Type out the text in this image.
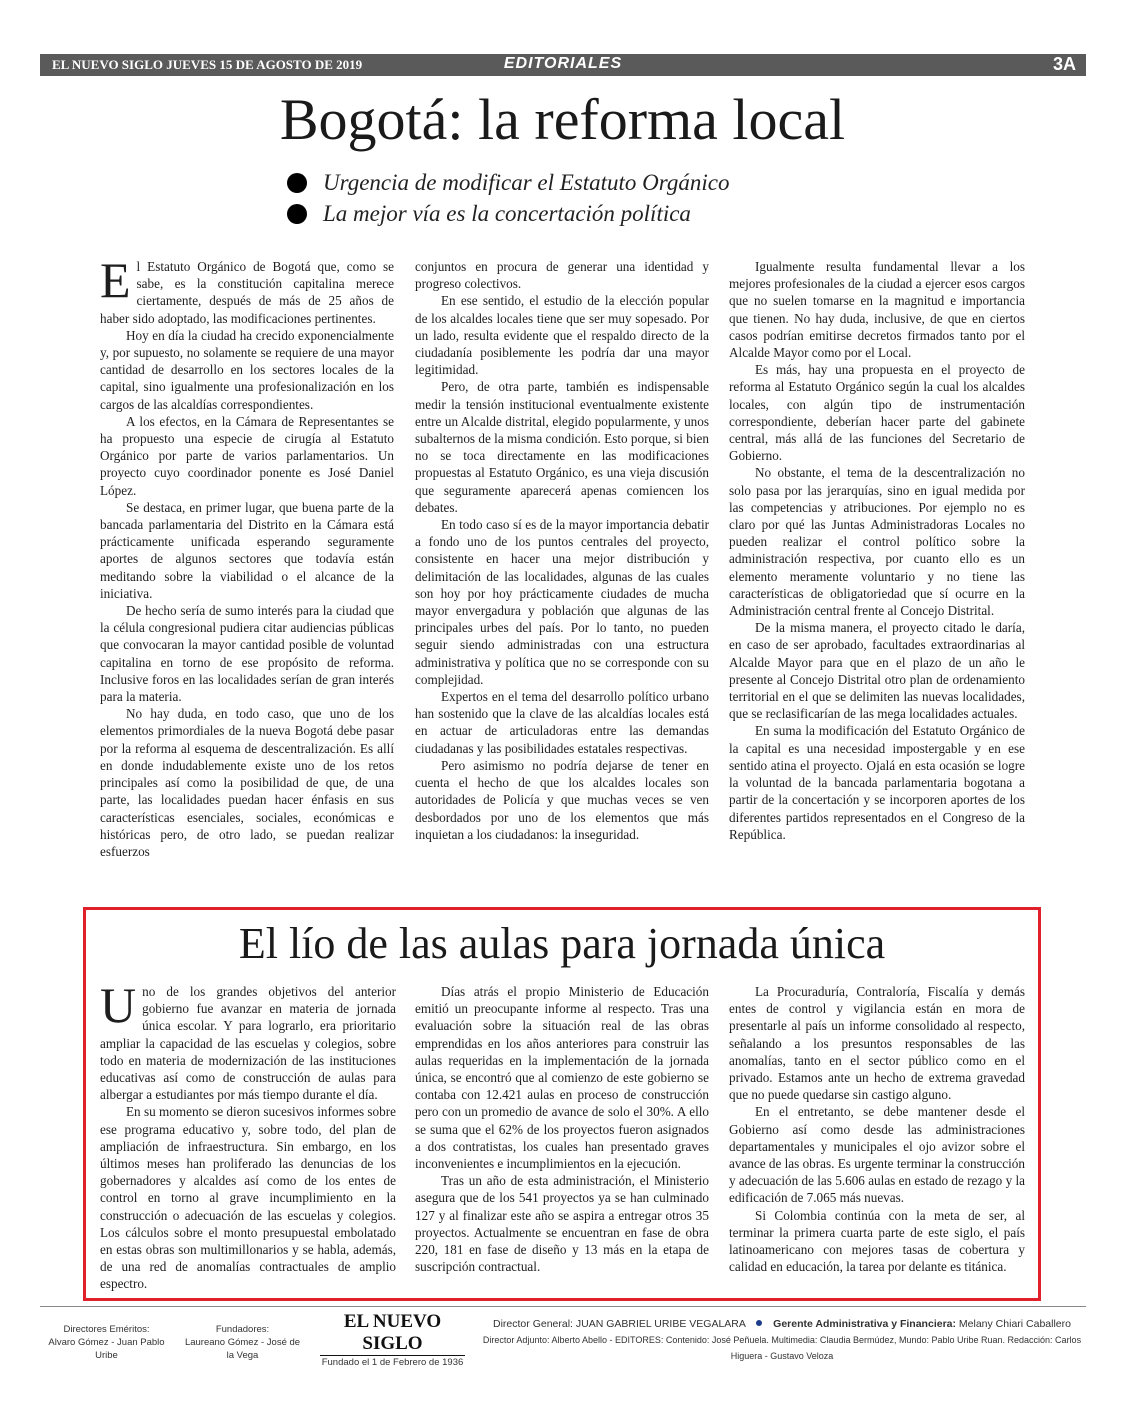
EL NUEVO SIGLO JUEVES 15 DE AGOSTO DE 2019	EDITORIALES	3A
Bogotá: la reforma local
Urgencia de modificar el Estatuto Orgánico
La mejor vía es la concertación política

El Estatuto Orgánico de Bogotá que, como se sabe, es la constitución capitalina merece ciertamente, después de más de 25 años de haber sido adoptado, las modificaciones pertinentes.

Hoy en día la ciudad ha crecido exponencialmente y, por supuesto, no solamente se requiere de una mayor cantidad de desarrollo en los sectores locales de la capital, sino igualmente una profesionalización en los cargos de las alcaldías correspondientes.

A los efectos, en la Cámara de Representantes se ha propuesto una especie de cirugía al Estatuto Orgánico por parte de varios parlamentarios. Un proyecto cuyo coordinador ponente es José Daniel López.

Se destaca, en primer lugar, que buena parte de la bancada parlamentaria del Distrito en la Cámara está prácticamente unificada esperando seguramente aportes de algunos sectores que todavía están meditando sobre la viabilidad o el alcance de la iniciativa.

De hecho sería de sumo interés para la ciudad que la célula congresional pudiera citar audiencias públicas que convocaran la mayor cantidad posible de voluntad capitalina en torno de ese propósito de reforma. Inclusive foros en las localidades serían de gran interés para la materia.

No hay duda, en todo caso, que uno de los elementos primordiales de la nueva Bogotá debe pasar por la reforma al esquema de descentralización. Es allí en donde indudablemente existe uno de los retos principales así como la posibilidad de que, de una parte, las localidades puedan hacer énfasis en sus características esenciales, sociales, económicas e históricas pero, de otro lado, se puedan realizar esfuerzos

conjuntos en procura de generar una identidad y progreso colectivos.

En ese sentido, el estudio de la elección popular de los alcaldes locales tiene que ser muy sopesado. Por un lado, resulta evidente que el respaldo directo de la ciudadanía posiblemente les podría dar una mayor legitimidad.

Pero, de otra parte, también es indispensable medir la tensión institucional eventualmente existente entre un Alcalde distrital, elegido popularmente, y unos subalternos de la misma condición. Esto porque, si bien no se toca directamente en las modificaciones propuestas al Estatuto Orgánico, es una vieja discusión que seguramente aparecerá apenas comiencen los debates.

En todo caso sí es de la mayor importancia debatir a fondo uno de los puntos centrales del proyecto, consistente en hacer una mejor distribución y delimitación de las localidades, algunas de las cuales son hoy por hoy prácticamente ciudades de mucha mayor envergadura y población que algunas de las principales urbes del país. Por lo tanto, no pueden seguir siendo administradas con una estructura administrativa y política que no se corresponde con su complejidad.

Expertos en el tema del desarrollo político urbano han sostenido que la clave de las alcaldías locales está en actuar de articuladoras entre las demandas ciudadanas y las posibilidades estatales respectivas.

Pero asimismo no podría dejarse de tener en cuenta el hecho de que los alcaldes locales son autoridades de Policía y que muchas veces se ven desbordados por uno de los elementos que más inquietan a los ciudadanos: la inseguridad.

Igualmente resulta fundamental llevar a los mejores profesionales de la ciudad a ejercer esos cargos que no suelen tomarse en la magnitud e importancia que tienen. No hay duda, inclusive, de que en ciertos casos podrían emitirse decretos firmados tanto por el Alcalde Mayor como por el Local.

Es más, hay una propuesta en el proyecto de reforma al Estatuto Orgánico según la cual los alcaldes locales, con algún tipo de instrumentación correspondiente, deberían hacer parte del gabinete central, más allá de las funciones del Secretario de Gobierno.

No obstante, el tema de la descentralización no solo pasa por las jerarquías, sino en igual medida por las competencias y atribuciones. Por ejemplo no es claro por qué las Juntas Administradoras Locales no pueden realizar el control político sobre la administración respectiva, por cuanto ello es un elemento meramente voluntario y no tiene las características de obligatoriedad que sí ocurre en la Administración central frente al Concejo Distrital.

De la misma manera, el proyecto citado le daría, en caso de ser aprobado, facultades extraordinarias al Alcalde Mayor para que en el plazo de un año le presente al Concejo Distrital otro plan de ordenamiento territorial en el que se delimiten las nuevas localidades, que se reclasificarían de las mega localidades actuales.

En suma la modificación del Estatuto Orgánico de la capital es una necesidad impostergable y en ese sentido atina el proyecto. Ojalá en esta ocasión se logre la voluntad de la bancada parlamentaria bogotana a partir de la concertación y se incorporen aportes de los diferentes partidos representados en el Congreso de la República.

El lío de las aulas para jornada única

Uno de los grandes objetivos del anterior gobierno fue avanzar en materia de jornada única escolar. Y para lograrlo, era prioritario ampliar la capacidad de las escuelas y colegios, sobre todo en materia de modernización de las instituciones educativas así como de construcción de aulas para albergar a estudiantes por más tiempo durante el día.

En su momento se dieron sucesivos informes sobre ese programa educativo y, sobre todo, del plan de ampliación de infraestructura. Sin embargo, en los últimos meses han proliferado las denuncias de los gobernadores y alcaldes así como de los entes de control en torno al grave incumplimiento en la construcción o adecuación de las escuelas y colegios. Los cálculos sobre el monto presupuestal embolatado en estas obras son multimillonarios y se habla, además, de una red de anomalías contractuales de amplio espectro.

Días atrás el propio Ministerio de Educación emitió un preocupante informe al respecto. Tras una evaluación sobre la situación real de las obras emprendidas en los años anteriores para construir las aulas requeridas en la implementación de la jornada única, se encontró que al comienzo de este gobierno se contaba con 12.421 aulas en proceso de construcción pero con un promedio de avance de solo el 30%. A ello se suma que el 62% de los proyectos fueron asignados a dos contratistas, los cuales han presentado graves inconvenientes e incumplimientos en la ejecución.

Tras un año de esta administración, el Ministerio asegura que de los 541 proyectos ya se han culminado 127 y al finalizar este año se aspira a entregar otros 35 proyectos. Actualmente se encuentran en fase de obra 220, 181 en fase de diseño y 13 más en la etapa de suscripción contractual.

La Procuraduría, Contraloría, Fiscalía y demás entes de control y vigilancia están en mora de presentarle al país un informe consolidado al respecto, señalando a los presuntos responsables de las anomalías, tanto en el sector público como en el privado. Estamos ante un hecho de extrema gravedad que no puede quedarse sin castigo alguno.

En el entretanto, se debe mantener desde el Gobierno así como desde las administraciones departamentales y municipales el ojo avizor sobre el avance de las obras. Es urgente terminar la construcción y adecuación de las 5.606 aulas en estado de rezago y la edificación de 7.065 más nuevas.

Si Colombia continúa con la meta de ser, al terminar la primera cuarta parte de este siglo, el país latinoamericano con mejores tasas de cobertura y calidad en educación, la tarea por delante es titánica.

Directores Eméritos:
Alvaro Gómez - Juan Pablo Uribe
Fundadores:
Laureano Gómez - José de la Vega
EL NUEVO SIGLO
Fundado el 1 de Febrero de 1936
Director General: JUAN GABRIEL URIBE VEGALARA	Gerente Administrativa y Financiera: Melany Chiari Caballero
Director Adjunto: Alberto Abello - EDITORES: Contenido: José Peñuela. Multimedia: Claudia Bermúdez, Mundo: Pablo Uribe Ruan. Redacción: Carlos Higuera - Gustavo Veloza
